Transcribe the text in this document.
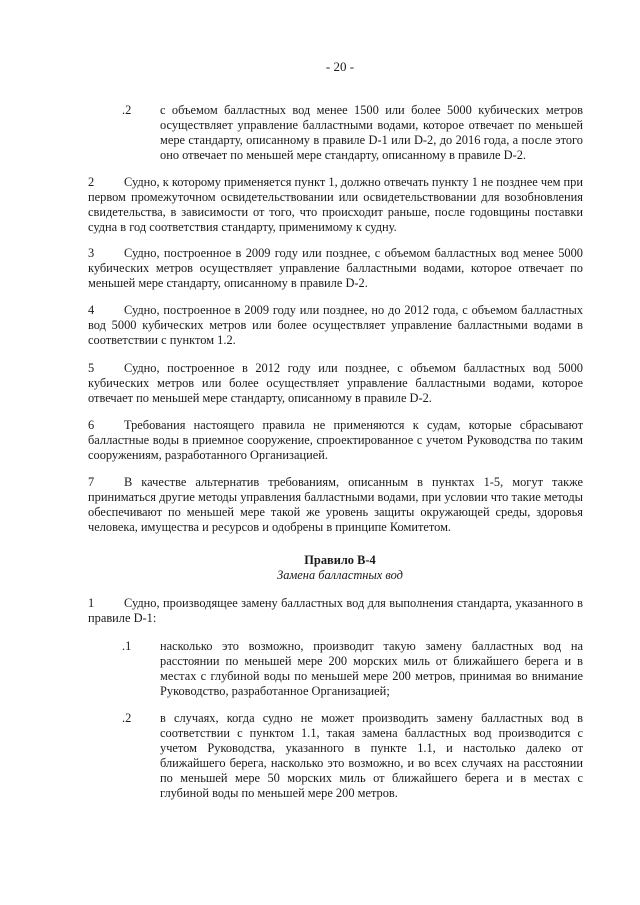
- 20 -
.2 с объемом балластных вод менее 1500 или более 5000 кубических метров осуществляет управление балластными водами, которое отвечает по меньшей мере стандарту, описанному в правиле D-1 или D-2, до 2016 года, а после этого оно отвечает по меньшей мере стандарту, описанному в правиле D-2.

2	Судно, к которому применяется пункт 1, должно отвечать пункту 1 не позднее чем при первом промежуточном освидетельствовании или освидетельствовании для возобновления свидетельства, в зависимости от того, что происходит раньше, после годовщины поставки судна в год соответствия стандарту, применимому к судну.

3	Судно, построенное в 2009 году или позднее, с объемом балластных вод менее 5000 кубических метров осуществляет управление балластными водами, которое отвечает по меньшей мере стандарту, описанному в правиле D-2.

4	Судно, построенное в 2009 году или позднее, но до 2012 года, с объемом балластных вод 5000 кубических метров или более осуществляет управление балластными водами в соответствии с пунктом 1.2.

5	Судно, построенное в 2012 году или позднее, с объемом балластных вод 5000 кубических метров или более осуществляет управление балластными водами, которое отвечает по меньшей мере стандарту, описанному в правиле D-2.

6	Требования настоящего правила не применяются к судам, которые сбрасывают балластные воды в приемное сооружение, спроектированное с учетом Руководства по таким сооружениям, разработанного Организацией.

7	В качестве альтернатив требованиям, описанным в пунктах 1-5, могут также приниматься другие методы управления балластными водами, при условии что такие методы обеспечивают по меньшей мере такой же уровень защиты окружающей среды, здоровья человека, имущества и ресурсов и одобрены в принципе Комитетом.

Правило B-4
Замена балластных вод
1	Судно, производящее замену балластных вод для выполнения стандарта, указанного в правиле D-1:

.1 насколько это возможно, производит такую замену балластных вод на расстоянии по меньшей мере 200 морских миль от ближайшего берега и в местах с глубиной воды по меньшей мере 200 метров, принимая во внимание Руководство, разработанное Организацией;

.2 в случаях, когда судно не может производить замену балластных вод в соответствии с пунктом 1.1, такая замена балластных вод производится с учетом Руководства, указанного в пункте 1.1, и настолько далеко от ближайшего берега, насколько это возможно, и во всех случаях на расстоянии по меньшей мере 50 морских миль от ближайшего берега и в местах с глубиной воды по меньшей мере 200 метров.
